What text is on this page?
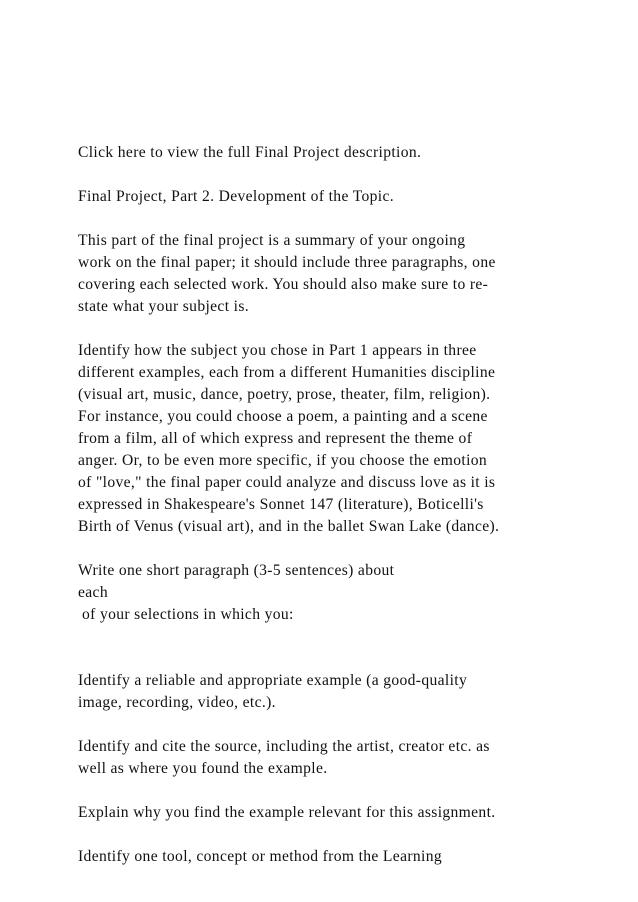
Click here to view the full Final Project description.

Final Project, Part 2. Development of the Topic.

This part of the final project is a summary of your ongoing
work on the final paper; it should include three paragraphs, one
covering each selected work. You should also make sure to re-
state what your subject is.

Identify how the subject you chose in Part 1 appears in three
different examples, each from a different Humanities discipline
(visual art, music, dance, poetry, prose, theater, film, religion).
For instance, you could choose a poem, a painting and a scene
from a film, all of which express and represent the theme of
anger. Or, to be even more specific, if you choose the emotion
of "love," the final paper could analyze and discuss love as it is
expressed in Shakespeare's Sonnet 147 (literature), Boticelli's
Birth of Venus (visual art), and in the ballet Swan Lake (dance).

Write one short paragraph (3-5 sentences) about
each
of your selections in which you:

Identify a reliable and appropriate example (a good-quality
image, recording, video, etc.).

Identify and cite the source, including the artist, creator etc. as
well as where you found the example.

Explain why you find the example relevant for this assignment.

Identify one tool, concept or method from the Learning
